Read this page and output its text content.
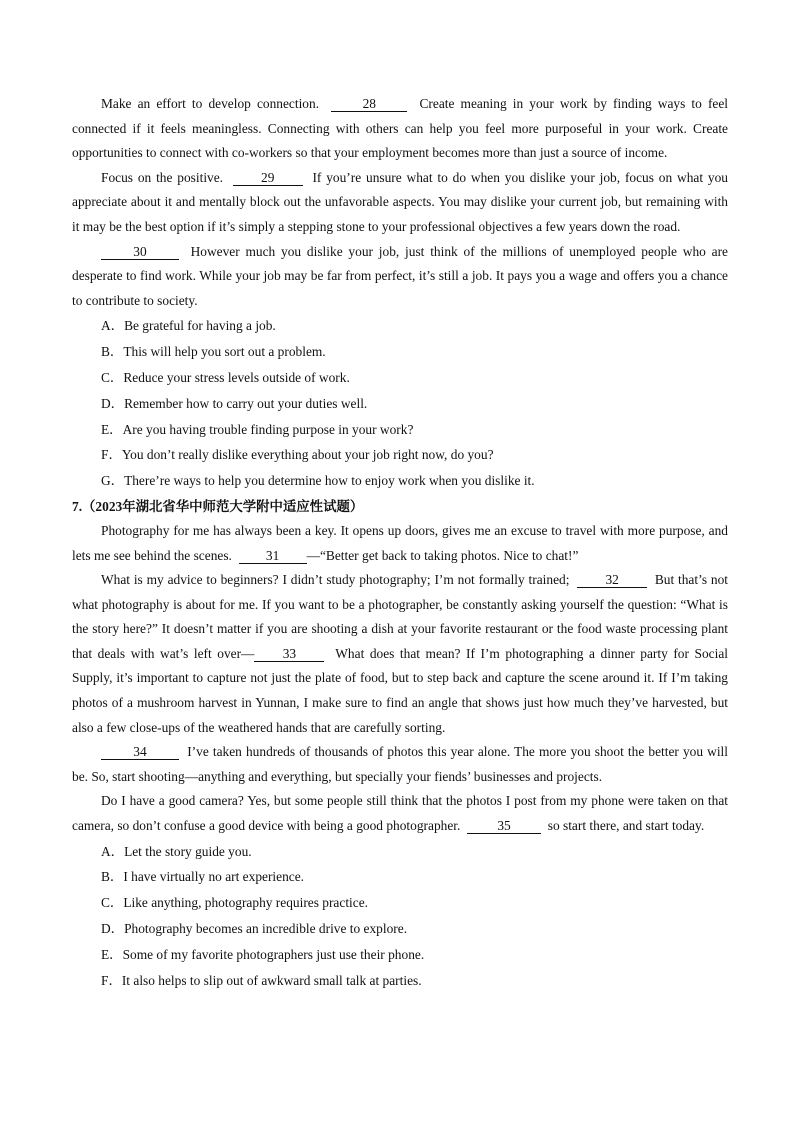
Make an effort to develop connection.	28	Create meaning in your work by finding ways to feel connected if it feels meaningless. Connecting with others can help you feel more purposeful in your work. Create opportunities to connect with co-workers so that your employment becomes more than just a source of income.

Focus on the positive.	29	If you’re unsure what to do when you dislike your job, focus on what you appreciate about it and mentally block out the unfavorable aspects. You may dislike your current job, but remaining with it may be the best option if it’s simply a stepping stone to your professional objectives a few years down the road.

30	However much you dislike your job, just think of the millions of unemployed people who are desperate to find work. While your job may be far from perfect, it’s still a job. It pays you a wage and offers you a chance to contribute to society.

A．Be grateful for having a job.
B．This will help you sort out a problem.
C．Reduce your stress levels outside of work.
D．Remember how to carry out your duties well.
E．Are you having trouble finding purpose in your work?
F．You don’t really dislike everything about your job right now, do you?
G．There’re ways to help you determine how to enjoy work when you dislike it.

7.（2023年湖北省华中师范大学附中适应性试题）

Photography for me has always been a key. It opens up doors, gives me an excuse to travel with more purpose, and lets me see behind the scenes.	31 —“Better get back to taking photos. Nice to chat!”

What is my advice to beginners? I didn’t study photography; I’m not formally trained;	32	But that’s not what photography is about for me. If you want to be a photographer, be constantly asking yourself the question: “What is the story here?” It doesn’t matter if you are shooting a dish at your favorite restaurant or the food waste processing plant that deals with wat’s left over— 33	What does that mean? If I’m photographing a dinner party for Social Supply, it’s important to capture not just the plate of food, but to step back and capture the scene around it. If I’m taking photos of a mushroom harvest in Yunnan, I make sure to find an angle that shows just how much they’ve harvested, but also a few close-ups of the weathered hands that are carefully sorting.

34	I’ve taken hundreds of thousands of photos this year alone. The more you shoot the better you will be. So, start shooting—anything and everything, but specially your fiends’ businesses and projects.

Do I have a good camera? Yes, but some people still think that the photos I post from my phone were taken on that camera, so don’t confuse a good device with being a good photographer.	35	so start there, and start today.

A．Let the story guide you.
B．I have virtually no art experience.
C．Like anything, photography requires practice.
D．Photography becomes an incredible drive to explore.
E．Some of my favorite photographers just use their phone.
F．It also helps to slip out of awkward small talk at parties.
